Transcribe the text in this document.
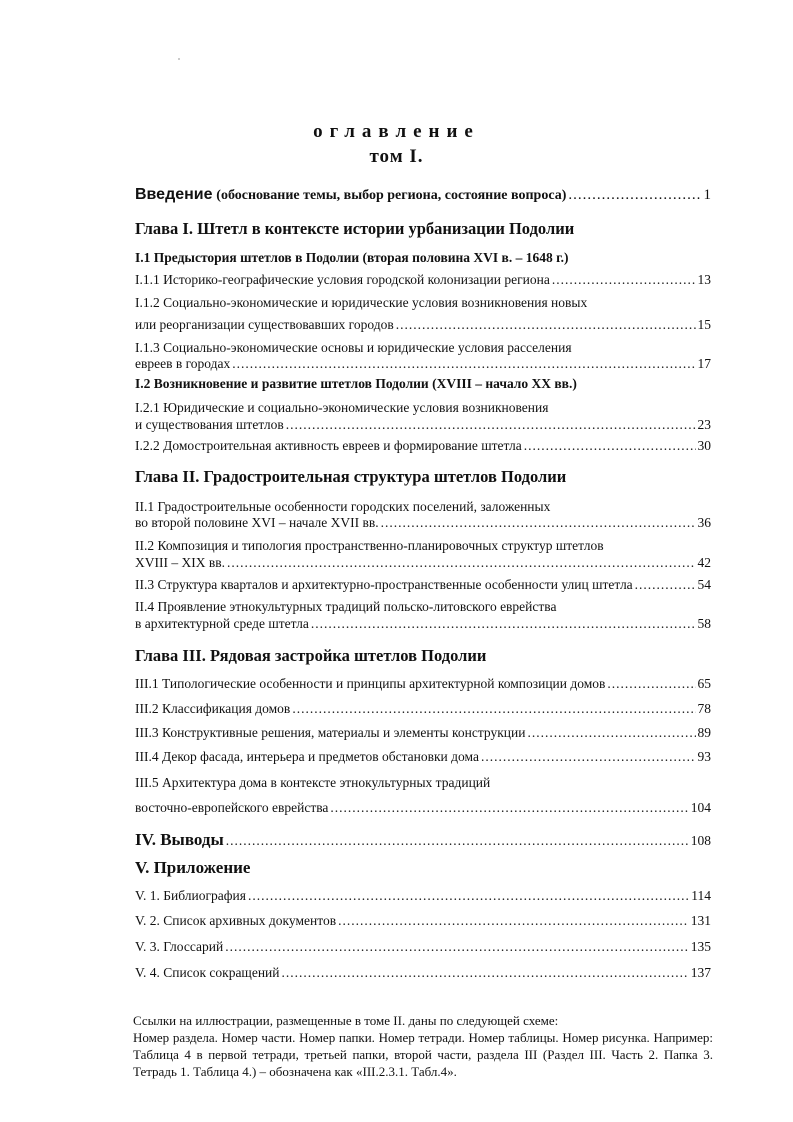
оглавление
том I.
Введение (обоснование темы, выбор региона, состояние вопроса) .....	1
Глава I. Штетл в контексте истории урбанизации Подолии
I.1 Предыстория штетлов в Подолии (вторая половина XVI в. – 1648 г.)
I.1.1 Историко-географические условия городской колонизации региона .....	13
I.1.2 Социально-экономические и юридические условия возникновения новых
или реорганизации существовавших городов .....	15
I.1.3 Социально-экономические основы и юридические условия расселения
евреев в городах .....	17
I.2 Возникновение и развитие штетлов Подолии (XVIII – начало XX вв.)
I.2.1 Юридические и социально-экономические условия возникновения
и существования штетлов .....	23
I.2.2 Домостроительная активность евреев и формирование штетла .....	30
Глава II. Градостроительная структура штетлов Подолии
II.1 Градостроительные особенности городских поселений, заложенных
во второй половине XVI – начале XVII вв. .....	36
II.2 Композиция и типология пространственно-планировочных структур штетлов
XVIII – XIX вв. .....	42
II.3 Структура кварталов и архитектурно-пространственные особенности улиц штетла .....	54
II.4 Проявление этнокультурных традиций польско-литовского еврейства
в архитектурной среде штетла .....	58
Глава III. Рядовая застройка штетлов Подолии
III.1 Типологические особенности и принципы архитектурной композиции домов .....	65
III.2 Классификация домов .....	78
III.3 Конструктивные решения, материалы и элементы конструкции .....	89
III.4 Декор фасада, интерьера и предметов обстановки дома .....	93
III.5 Архитектура дома в контексте этнокультурных традиций
восточно-европейского еврейства .....	104
IV. Выводы .....	108
V. Приложение
V. 1. Библиография .....	114
V. 2. Список архивных документов .....	131
V. 3. Глоссарий .....	135
V. 4. Список сокращений .....	137
Ссылки на иллюстрации, размещенные в томе II. даны по следующей схеме:
Номер раздела. Номер части. Номер папки. Номер тетради. Номер таблицы. Номер рисунка. Например: Таблица 4 в первой тетради, третьей папки, второй части, раздела III (Раздел III. Часть 2. Папка 3. Тетрадь 1. Таблица 4.) – обозначена как «III.2.3.1. Табл.4».
